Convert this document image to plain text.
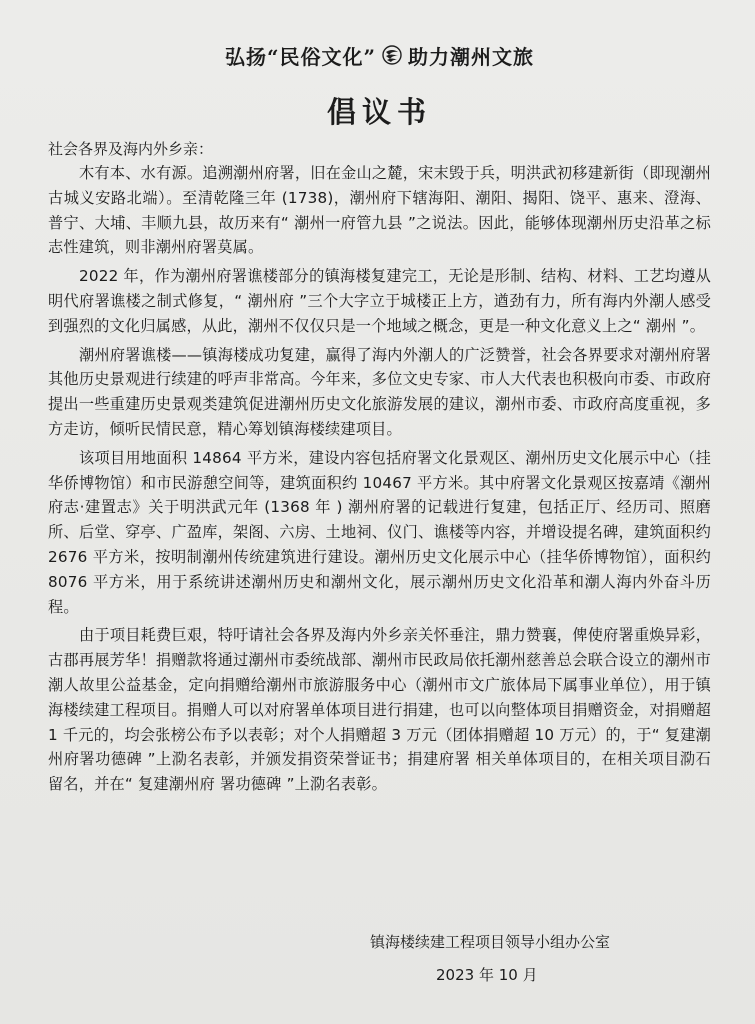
弘扬“民俗文化” 助力潮州文旅
倡议书
社会各界及海内外乡亲：

木有本、水有源。追溯潮州府署，旧在金山之麓，宋末毁于兵，明洪武初移建新街（即现潮州古城义安路北端）。至清乾隆三年 (1738)，潮州府下辖海阳、潮阳、揭阳、饶平、惠来、澄海、普宁、大埔、丰顺九县，故历来有“ 潮州一府管九县 ”之说法。因此，能够体现潮州历史沿革之标志性建筑，则非潮州府署莫属。

2022 年，作为潮州府署谯楼部分的镇海楼复建完工，无论是形制、结构、材料、工艺均遵从明代府署谯楼之制式修复，“ 潮州府 ”三个大字立于城楼正上方，遒劲有力，所有海内外潮人感受到强烈的文化归属感，从此，潮州不仅仅只是一个地域之概念，更是一种文化意义上之“ 潮州 ”。

潮州府署谯楼——镇海楼成功复建，赢得了海内外潮人的广泛赞誉，社会各界要求对潮州府署其他历史景观进行续建的呼声非常高。今年来，多位文史专家、市人大代表也积极向市委、市政府提出一些重建历史景观类建筑促进潮州历史文化旅游发展的建议，潮州市委、市政府高度重视，多方走访，倾听民情民意，精心筹划镇海楼续建项目。

该项目用地面积 14864 平方米，建设内容包括府署文化景观区、潮州历史文化展示中心（挂华侨博物馆）和市民游憩空间等，建筑面积约 10467 平方米。其中府署文化景观区按嘉靖《潮州府志·建置志》关于明洪武元年 (1368 年 ) 潮州府署的记载进行复建，包括正厅、经历司、照磨所、后堂、穿亭、广盈库，架阁、六房、土地祠、仪门、谯楼等内容，并增设提名碑，建筑面积约 2676 平方米，按明制潮州传统建筑进行建设。潮州历史文化展示中心（挂华侨博物馆），面积约 8076 平方米，用于系统讲述潮州历史和潮州文化，展示潮州历史文化沿革和潮人海内外奋斗历程。

由于项目耗费巨艰，特吁请社会各界及海内外乡亲关怀垂注，鼎力赞襄，俾使府署重焕异彩，古郡再展芳华！捐赠款将通过潮州市委统战部、潮州市民政局依托潮州慈善总会联合设立的潮州市潮人故里公益基金，定向捐赠给潮州市旅游服务中心（潮州市文广旅体局下属事业单位），用于镇海楼续建工程项目。捐赠人可以对府署单体项目进行捐建，也可以向整体项目捐赠资金，对捐赠超 1 千元的，均会张榜公布予以表彰；对个人捐赠超 3 万元（团体捐赠超 10 万元）的，于“ 复建潮 州府署功德碑 ”上泐名表彰，并颁发捐资荣誉证书；捐建府署 相关单体项目的，在相关项目泐石留名，并在“ 复建潮州府 署功德碑 ”上泐名表彰。

镇海楼续建工程项目领导小组办公室
2023 年 10 月
